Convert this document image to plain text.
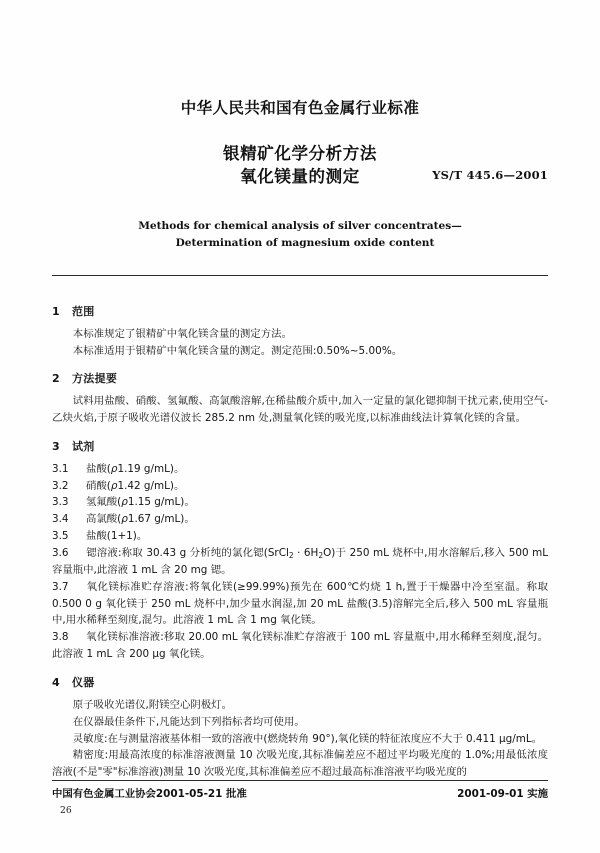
中华人民共和国有色金属行业标准
银精矿化学分析方法
氧化镁量的测定	YS/T 445.6—2001
Methods for chemical analysis of silver concentrates—
Determination of magnesium oxide content
1 范围

本标准规定了银精矿中氧化镁含量的测定方法。

本标准适用于银精矿中氧化镁含量的测定。测定范围:0.50%~5.00%。

2 方法提要

试料用盐酸、硝酸、氢氟酸、高氯酸溶解,在稀盐酸介质中,加入一定量的氯化锶抑制干扰元素,使用空气-乙炔火焰,于原子吸收光谱仪波长 285.2 nm 处,测量氧化镁的吸光度,以标准曲线法计算氧化镁的含量。

3 试剂

3.1 盐酸(ρ1.19 g/mL)。

3.2 硝酸(ρ1.42 g/mL)。

3.3 氢氟酸(ρ1.15 g/mL)。

3.4 高氯酸(ρ1.67 g/mL)。

3.5 盐酸(1+1)。

3.6 锶溶液:称取 30.43 g 分析纯的氯化锶(SrCl$_2$ · $6H_2O$)于 250 mL 烧杯中,用水溶解后,移入 500 mL 容量瓶中,此溶液 1 mL 含 20 mg 锶。

3.7 氧化镁标准贮存溶液:将氧化镁(≥99.99%)预先在 600℃灼烧 1 h,置于干燥器中冷至室温。称取 0.500 0 g 氧化镁于 250 mL 烧杯中,加少量水润湿,加 20 mL 盐酸(3.5)溶解完全后,移入 500 mL 容量瓶中,用水稀释至刻度,混匀。此溶液 1 mL 含 1 mg 氧化镁。

3.8 氧化镁标准溶液:移取 20.00 mL 氧化镁标准贮存溶液于 100 mL 容量瓶中,用水稀释至刻度,混匀。此溶液 1 mL 含 200 μg 氧化镁。

4 仪器

原子吸收光谱仪,附镁空心阴极灯。

在仪器最佳条件下,凡能达到下列指标者均可使用。

灵敏度:在与测量溶液基体相一致的溶液中(燃烧转角 90°),氧化镁的特征浓度应不大于 0.411 μg/mL。

精密度:用最高浓度的标准溶液测量 10 次吸光度,其标准偏差应不超过平均吸光度的 1.0%;用最低浓度溶液(不是"零"标准溶液)测量 10 次吸光度,其标准偏差应不超过最高标准溶液平均吸光度的

中国有色金属工业协会2001-05-21 批准	2001-09-01 实施
26
